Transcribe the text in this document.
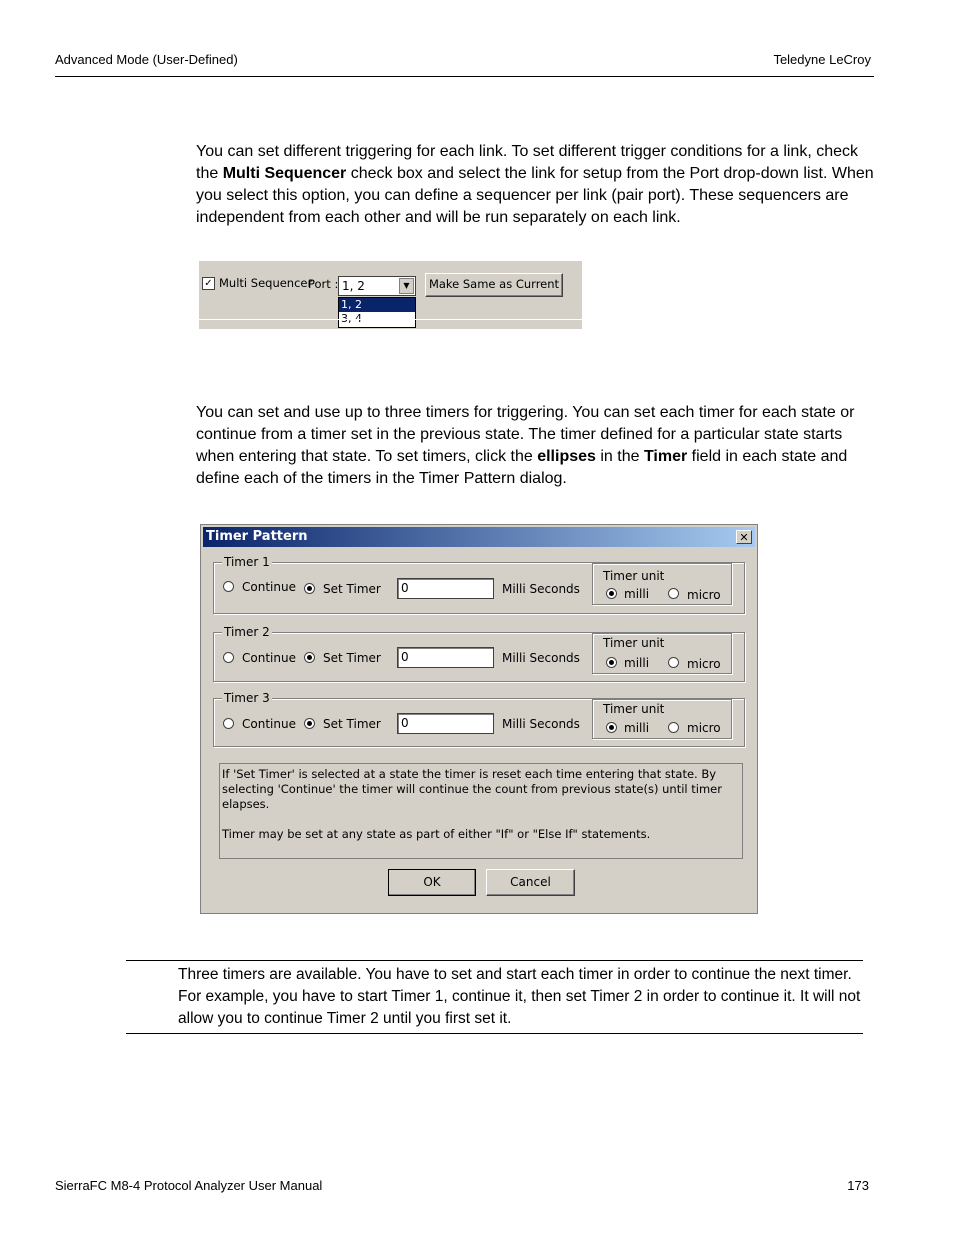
Advanced Mode (User-Defined)	Teledyne LeCroy
You can set different triggering for each link. To set different trigger conditions for a link, check the Multi Sequencer check box and select the link for setup from the Port drop-down list. When you select this option, you can define a sequencer per link (pair port). These sequencers are independent from each other and will be run separately on each link.
✓ Multi Sequencer
Port : 1, 2	▼
1, 2
3, 4
Make Same as Current
You can set and use up to three timers for triggering. You can set each timer for each state or continue from a timer set in the previous state. The timer defined for a particular state starts when entering that state. To set timers, click the ellipses in the Timer field in each state and define each of the timers in the Timer Pattern dialog.
Timer Pattern	✕
Timer 1
Continue Set Timer	0	Milli Seconds
Timer unit
milli	micro
Timer 2
Continue Set Timer	0	Milli Seconds
Timer unit
milli	micro
Timer 3
Continue Set Timer	0	Milli Seconds
Timer unit
milli	micro
If 'Set Timer' is selected at a state the timer is reset each time entering that state. By selecting 'Continue' the timer will continue the count from previous state(s) until timer elapses.
Timer may be set at any state as part of either "If" or "Else If" statements.
OK	Cancel
Three timers are available. You have to set and start each timer in order to continue the next timer. For example, you have to start Timer 1, continue it, then set Timer 2 in order to continue it. It will not allow you to continue Timer 2 until you first set it.
SierraFC M8-4 Protocol Analyzer User Manual	173
